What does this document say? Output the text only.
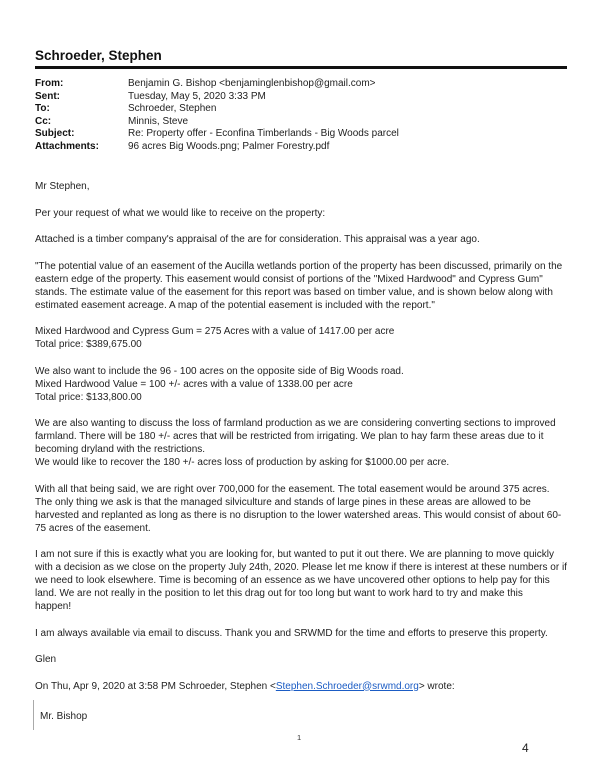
Schroeder, Stephen
From:	Benjamin G. Bishop <benjaminglenbishop@gmail.com>
Sent:	Tuesday, May 5, 2020 3:33 PM
To:	Schroeder, Stephen
Cc:	Minnis, Steve
Subject:	Re: Property offer - Econfina Timberlands - Big Woods parcel
Attachments:	96 acres Big Woods.png; Palmer Forestry.pdf

Mr Stephen,

Per your request of what we would like to receive on the property:

Attached is a timber company's appraisal of the are for consideration. This appraisal was a year ago.

"The potential value of an easement of the Aucilla wetlands portion of the property has been discussed, primarily on the
eastern edge of the property. This easement would consist of portions of the "Mixed Hardwood" and Cypress Gum"
stands. The estimate value of the easement for this report was based on timber value, and is shown below along with
estimated easement acreage. A map of the potential easement is included with the report."

Mixed Hardwood and Cypress Gum = 275 Acres with a value of 1417.00 per acre
Total price: $389,675.00

We also want to include the 96 - 100 acres on the opposite side of Big Woods road.
Mixed Hardwood Value = 100 +/- acres with a value of 1338.00 per acre
Total price: $133,800.00

We are also wanting to discuss the loss of farmland production as we are considering converting sections to improved
farmland. There will be 180 +/- acres that will be restricted from irrigating. We plan to hay farm these areas due to it
becoming dryland with the restrictions.
We would like to recover the 180 +/- acres loss of production by asking for $1000.00 per acre.

With all that being said, we are right over 700,000 for the easement. The total easement would be around 375 acres.
The only thing we ask is that the managed silviculture and stands of large pines in these areas are allowed to be
harvested and replanted as long as there is no disruption to the lower watershed areas. This would consist of about 60-
75 acres of the easement.

I am not sure if this is exactly what you are looking for, but wanted to put it out there. We are planning to move quickly
with a decision as we close on the property July 24th, 2020. Please let me know if there is interest at these numbers or if
we need to look elsewhere. Time is becoming of an essence as we have uncovered other options to help pay for this
land. We are not really in the position to let this drag out for too long but want to work hard to try and make this
happen!

I am always available via email to discuss. Thank you and SRWMD for the time and efforts to preserve this property.

Glen

On Thu, Apr 9, 2020 at 3:58 PM Schroeder, Stephen <Stephen.Schroeder@srwmd.org> wrote:

Mr. Bishop
1
4
